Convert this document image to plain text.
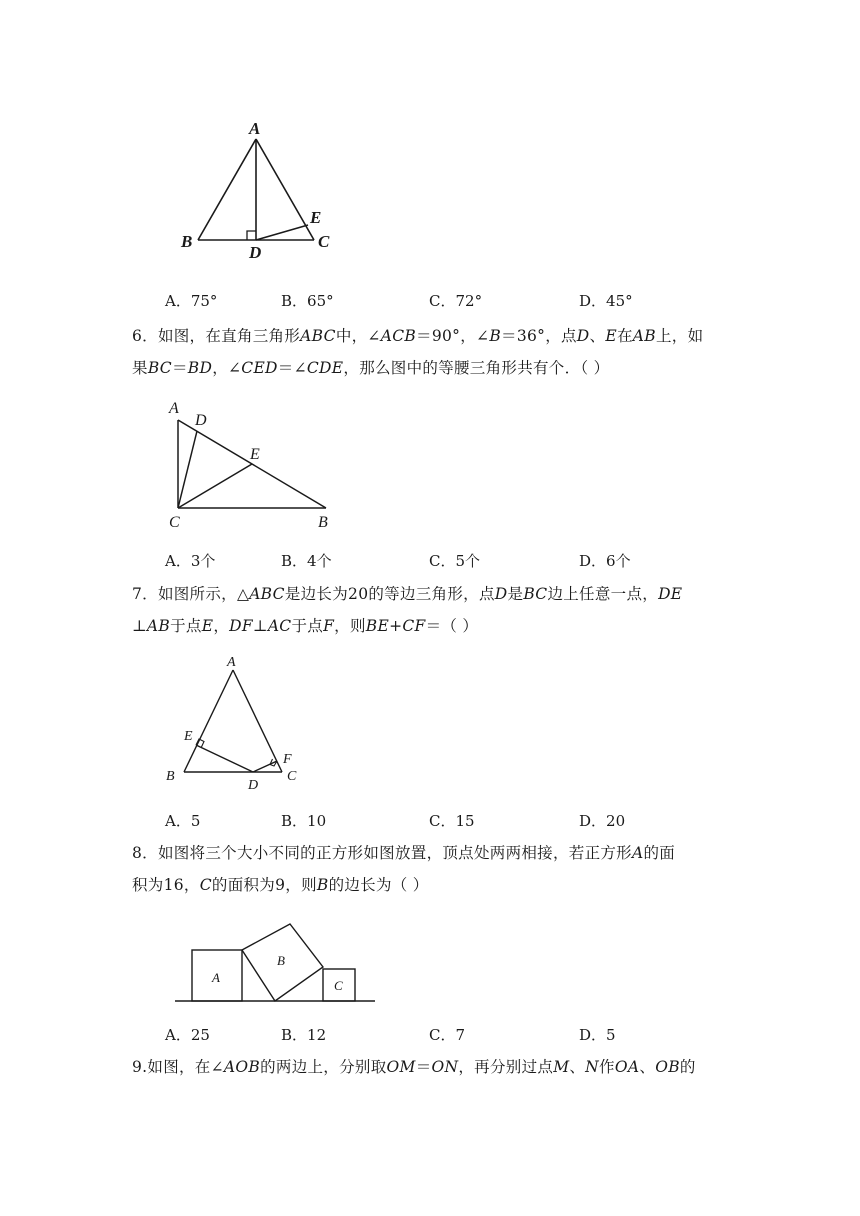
A
B	C
D
E
A．75°	B．65°	C．72°	D．45°
6．如图，在直角三角形ABC中，∠ACB＝90°，∠B＝36°，点D、E在AB上，如
果BC＝BD，∠CED＝∠CDE，那么图中的等腰三角形共有个．（ ）
A
D
E
C	B
A．3个	B．4个	C．5个	D．6个
7．如图所示，△ABC是边长为20的等边三角形，点D是BC边上任意一点，DE
⊥AB于点E，DF⊥AC于点F，则BE+CF＝（ ）
A
E
B
D
F
C
A．5	B．10	C．15	D．20
8．如图将三个大小不同的正方形如图放置，顶点处两两相接，若正方形A的面
积为16，C的面积为9，则B的边长为（ ）
A
B
C
A．25	B．12	C．7	D．5
9.如图，在∠AOB的两边上，分别取OM＝ON，再分别过点M、N作OA、OB的
